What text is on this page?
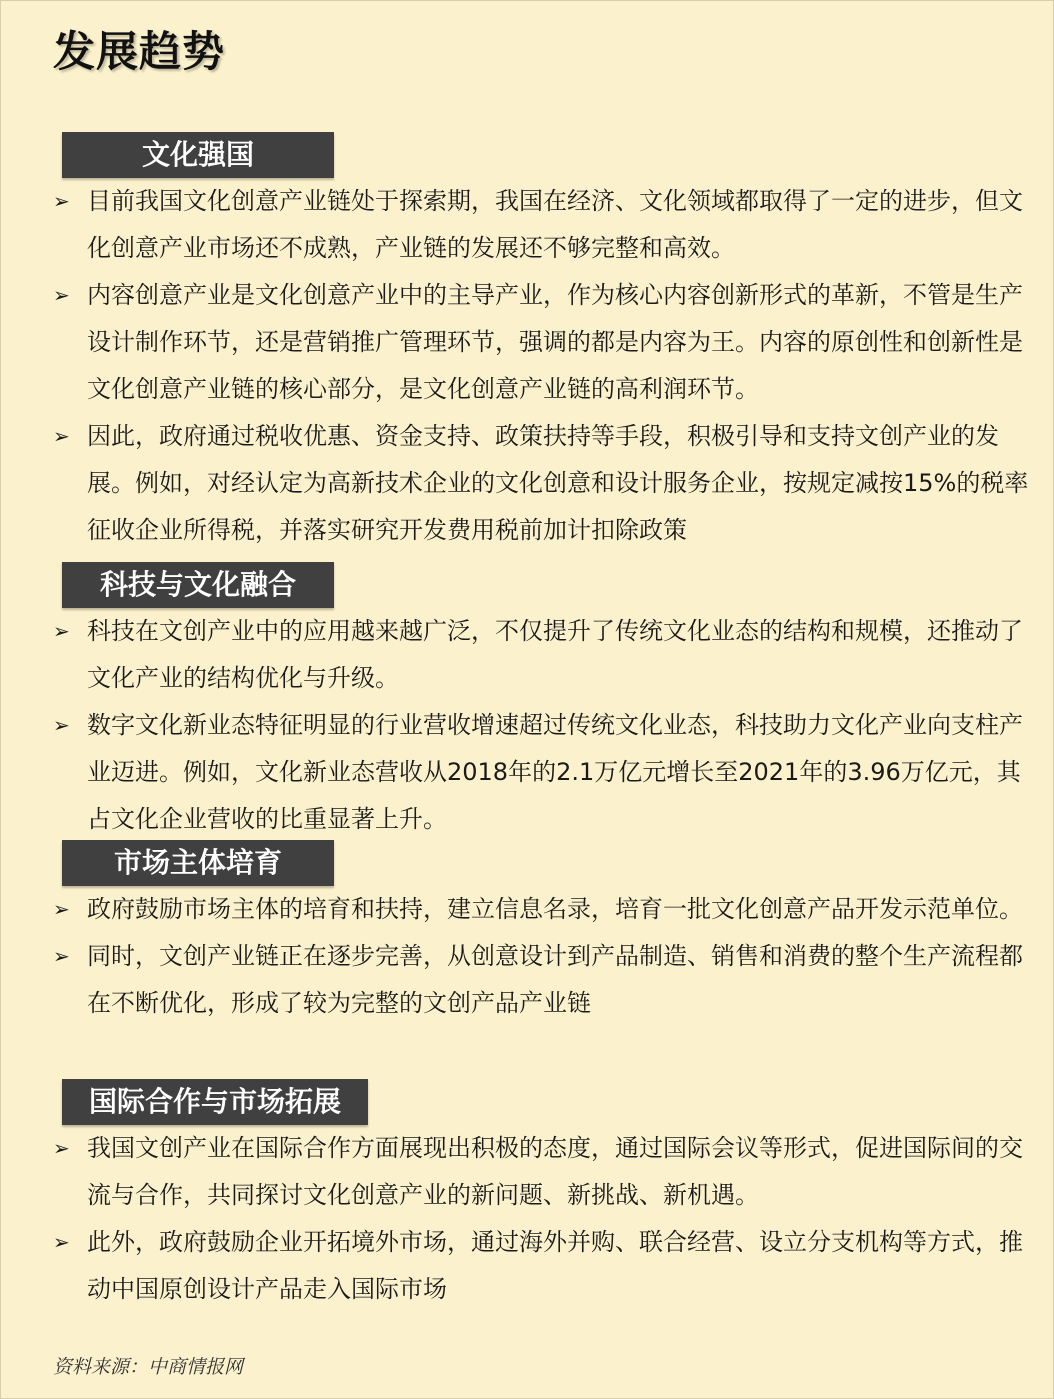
发展趋势
文化强国
➢ 目前我国文化创意产业链处于探索期，我国在经济、文化领域都取得了一定的进步，但文化创意产业市场还不成熟，产业链的发展还不够完整和高效。
➢ 内容创意产业是文化创意产业中的主导产业，作为核心内容创新形式的革新，不管是生产设计制作环节，还是营销推广管理环节，强调的都是内容为王。内容的原创性和创新性是文化创意产业链的核心部分，是文化创意产业链的高利润环节。
➢ 因此，政府通过税收优惠、资金支持、政策扶持等手段，积极引导和支持文创产业的发展。例如，对经认定为高新技术企业的文化创意和设计服务企业，按规定减按15%的税率征收企业所得税，并落实研究开发费用税前加计扣除政策
科技与文化融合
➢ 科技在文创产业中的应用越来越广泛，不仅提升了传统文化业态的结构和规模，还推动了文化产业的结构优化与升级。
➢ 数字文化新业态特征明显的行业营收增速超过传统文化业态，科技助力文化产业向支柱产业迈进。例如，文化新业态营收从2018年的2.1万亿元增长至2021年的3.96万亿元，其占文化企业营收的比重显著上升。
市场主体培育
➢ 政府鼓励市场主体的培育和扶持，建立信息名录，培育一批文化创意产品开发示范单位。
➢ 同时，文创产业链正在逐步完善，从创意设计到产品制造、销售和消费的整个生产流程都在不断优化，形成了较为完整的文创产品产业链
国际合作与市场拓展
➢ 我国文创产业在国际合作方面展现出积极的态度，通过国际会议等形式，促进国际间的交流与合作，共同探讨文化创意产业的新问题、新挑战、新机遇。
➢ 此外，政府鼓励企业开拓境外市场，通过海外并购、联合经营、设立分支机构等方式，推动中国原创设计产品走入国际市场
资料来源：中商情报网
